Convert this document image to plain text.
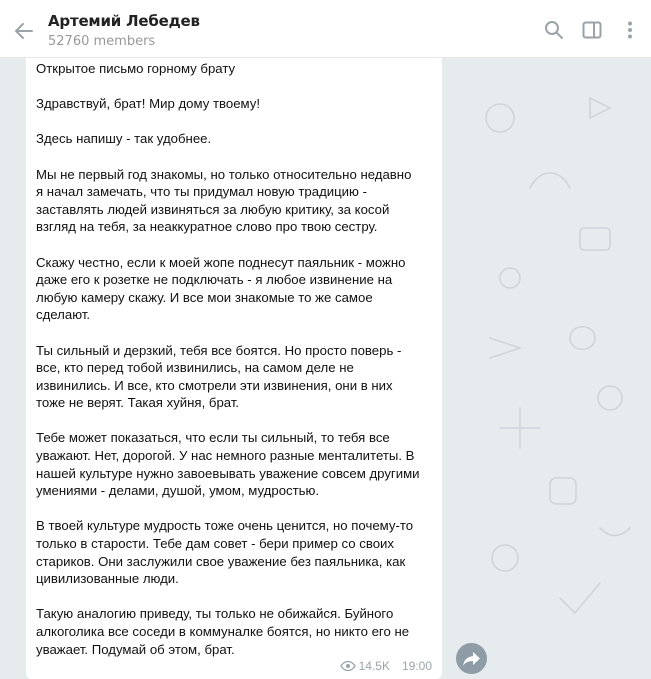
Артемий Лебедев
52760 members

Открытое письмо горному брату

Здравствуй, брат! Мир дому твоему!

Здесь напишу - так удобнее.

Мы не первый год знакомы, но только относительно недавно
я начал замечать, что ты придумал новую традицию -
заставлять людей извиняться за любую критику, за косой
взгляд на тебя, за неаккуратное слово про твою сестру.

Скажу честно, если к моей жопе поднесут паяльник - можно
даже его к розетке не подключать - я любое извинение на
любую камеру скажу. И все мои знакомые то же самое
сделают.

Ты сильный и дерзкий, тебя все боятся. Но просто поверь -
все, кто перед тобой извинились, на самом деле не
извинились. И все, кто смотрели эти извинения, они в них
тоже не верят. Такая хуйня, брат.

Тебе может показаться, что если ты сильный, то тебя все
уважают. Нет, дорогой. У нас немного разные менталитеты. В
нашей культуре нужно завоевывать уважение совсем другими
умениями - делами, душой, умом, мудростью.

В твоей культуре мудрость тоже очень ценится, но почему-то
только в старости. Тебе дам совет - бери пример со своих
стариков. Они заслужили свое уважение без паяльника, как
цивилизованные люди.

Такую аналогию приведу, ты только не обижайся. Буйного
алкоголика все соседи в коммуналке боятся, но никто его не
уважает. Подумай об этом, брат.

14.5K 19:00
